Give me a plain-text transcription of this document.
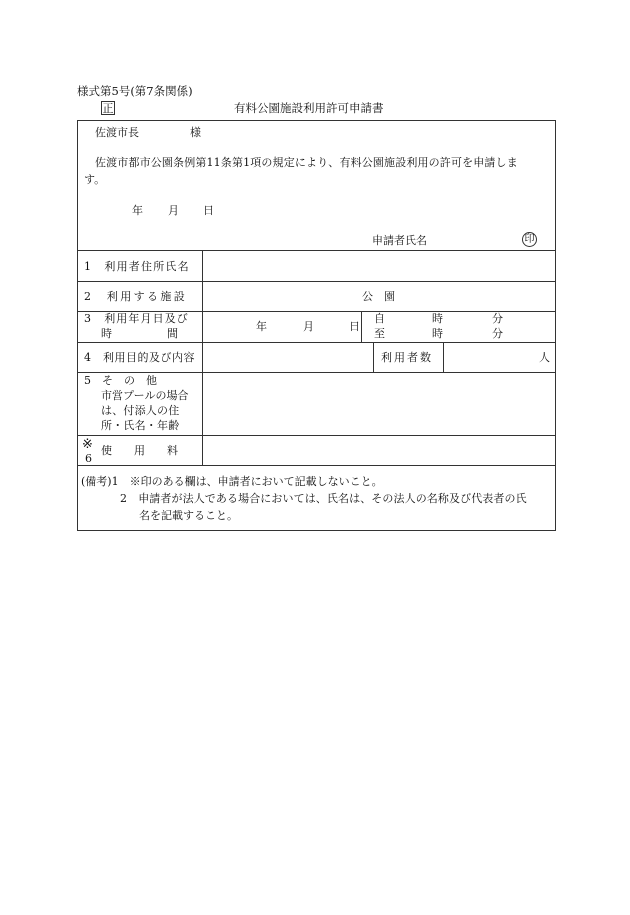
様式第5号(第7条関係)
正	有料公園施設利用許可申請書
佐渡市長	様
佐渡市都市公園条例第11条第1項の規定により、有料公園施設利用の許可を申請しま
す。
年 月 日
申請者氏名	印
1　利用者住所氏名
2　利用する施設	公　園
3　利用年月日及び
時　　　　　間
年	月	日
自	時	分
至	時	分
4　利用目的及び内容	利用者数	人
5　そ　の　他
市営プールの場合
は、付添人の住
所・氏名・年齢
※
6
使　　用　　料
(備考)1　※印のある欄は、申請者において記載しないこと。
2　申請者が法人である場合においては、氏名は、その法人の名称及び代表者の氏
名を記載すること。
